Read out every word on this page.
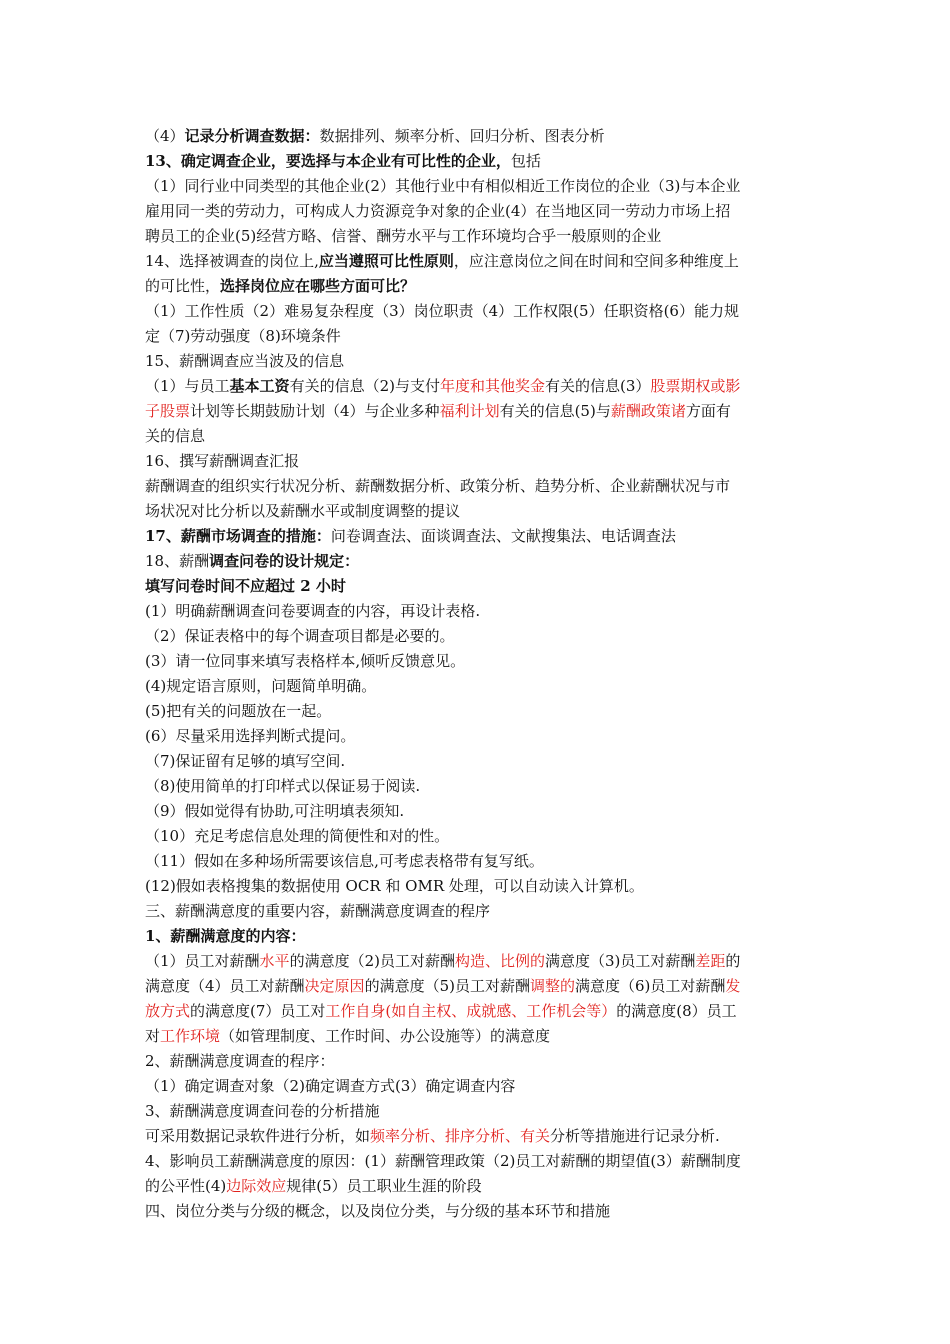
（4）记录分析调查数据：数据排列、频率分析、回归分析、图表分析
13、确定调查企业，要选择与本企业有可比性的企业，包括
（1）同行业中同类型的其他企业(2）其他行业中有相似相近工作岗位的企业（3)与本企业
雇用同一类的劳动力，可构成人力资源竞争对象的企业(4）在当地区同一劳动力市场上招
聘员工的企业(5)经营方略、信誉、酬劳水平与工作环境均合乎一般原则的企业
14、选择被调查的岗位上,应当遵照可比性原则，应注意岗位之间在时间和空间多种维度上
的可比性，选择岗位应在哪些方面可比？
（1）工作性质（2）难易复杂程度（3）岗位职责（4）工作权限(5）任职资格(6）能力规
定（7)劳动强度（8)环境条件
15、薪酬调查应当波及的信息
（1）与员工基本工资有关的信息（2)与支付年度和其他奖金有关的信息(3）股票期权或影
子股票计划等长期鼓励计划（4）与企业多种福利计划有关的信息(5)与薪酬政策诸方面有
关的信息
16、撰写薪酬调查汇报
薪酬调查的组织实行状况分析、薪酬数据分析、政策分析、趋势分析、企业薪酬状况与市
场状况对比分析以及薪酬水平或制度调整的提议
17、薪酬市场调查的措施：问卷调查法、面谈调查法、文献搜集法、电话调查法
18、薪酬调查问卷的设计规定：
填写问卷时间不应超过 2 小时
(1）明确薪酬调查问卷要调查的内容，再设计表格.
（2）保证表格中的每个调查项目都是必要的。
(3）请一位同事来填写表格样本,倾听反馈意见。
(4)规定语言原则，问题简单明确。
(5)把有关的问题放在一起。
(6）尽量采用选择判断式提问。
（7)保证留有足够的填写空间.
（8)使用简单的打印样式以保证易于阅读.
（9）假如觉得有协助,可注明填表须知.
（10）充足考虑信息处理的简便性和对的性。
（11）假如在多种场所需要该信息,可考虑表格带有复写纸。
(12)假如表格搜集的数据使用 OCR 和 OMR 处理，可以自动读入计算机。
三、薪酬满意度的重要内容，薪酬满意度调查的程序
1、薪酬满意度的内容：
（1）员工对薪酬水平的满意度（2)员工对薪酬构造、比例的满意度（3)员工对薪酬差距的
满意度（4）员工对薪酬决定原因的满意度（5)员工对薪酬调整的满意度（6)员工对薪酬发
放方式的满意度(7）员工对工作自身(如自主权、成就感、工作机会等）的满意度(8）员工
对工作环境（如管理制度、工作时间、办公设施等）的满意度
2、薪酬满意度调查的程序：
（1）确定调查对象（2)确定调查方式(3）确定调查内容
3、薪酬满意度调查问卷的分析措施
可采用数据记录软件进行分析，如频率分析、排序分析、有关分析等措施进行记录分析.
4、影响员工薪酬满意度的原因：(1）薪酬管理政策（2)员工对薪酬的期望值(3）薪酬制度
的公平性(4)边际效应规律(5）员工职业生涯的阶段
四、岗位分类与分级的概念，以及岗位分类，与分级的基本环节和措施
